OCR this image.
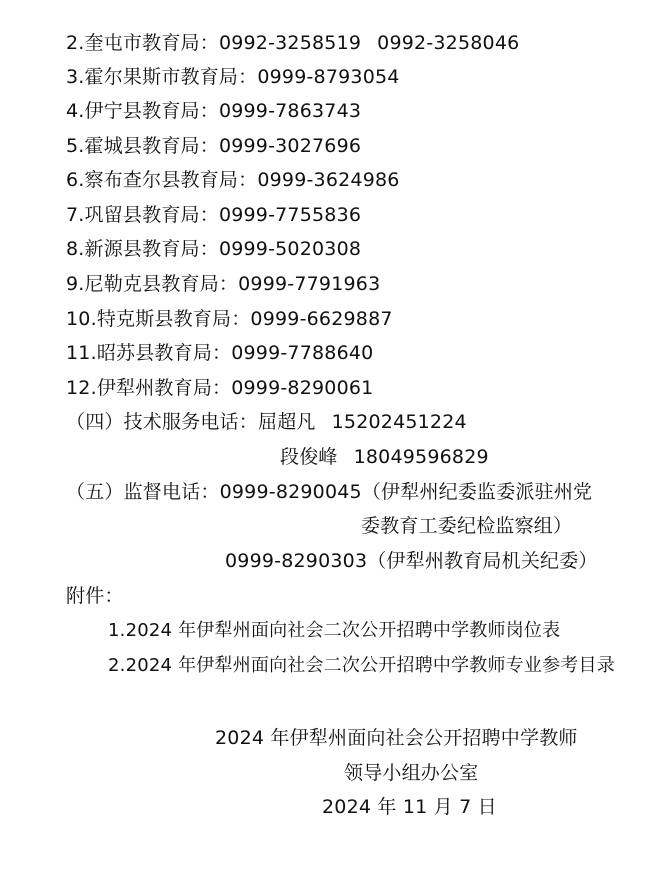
2.奎屯市教育局：0992-3258519 0992-3258046
3.霍尔果斯市教育局：0999-8793054
4.伊宁县教育局：0999-7863743
5.霍城县教育局：0999-3027696
6.察布查尔县教育局：0999-3624986
7.巩留县教育局：0999-7755836
8.新源县教育局：0999-5020308
9.尼勒克县教育局：0999-7791963
10.特克斯县教育局：0999-6629887
11.昭苏县教育局：0999-7788640
12.伊犁州教育局：0999-8290061
（四）技术服务电话：屈超凡 15202451224
段俊峰 18049596829
（五）监督电话：0999-8290045（伊犁州纪委监委派驻州党
委教育工委纪检监察组）
0999-8290303（伊犁州教育局机关纪委）
附件：
1.2024 年伊犁州面向社会二次公开招聘中学教师岗位表
2.2024 年伊犁州面向社会二次公开招聘中学教师专业参考目录
2024 年伊犁州面向社会公开招聘中学教师
领导小组办公室
2024 年 11 月 7 日
